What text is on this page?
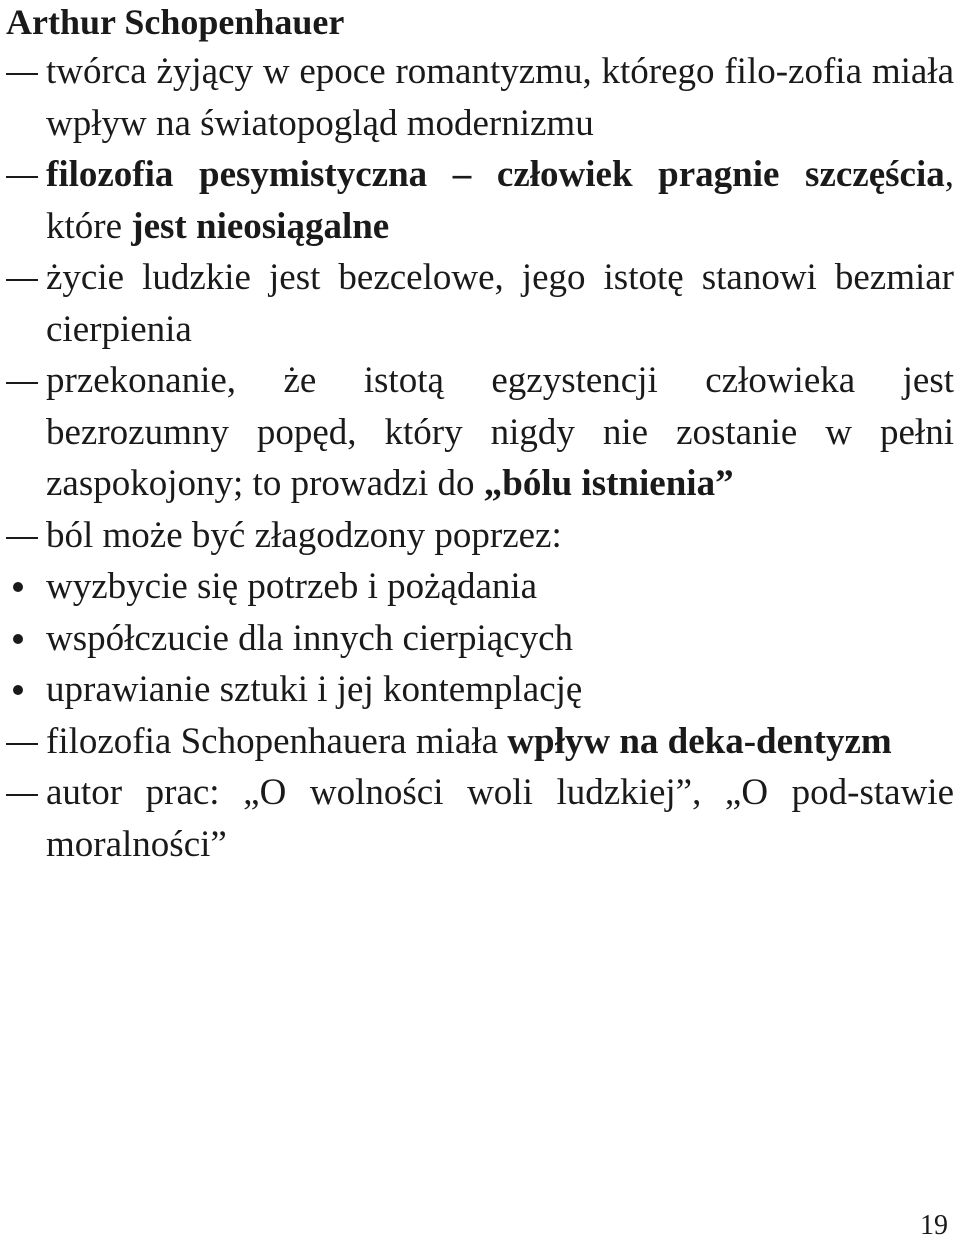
Arthur Schopenhauer
twórca żyjący w epoce romantyzmu, którego filo-zofia miała wpływ na światopogląd modernizmu
filozofia pesymistyczna – człowiek pragnie szczęścia, które jest nieosiągalne
życie ludzkie jest bezcelowe, jego istotę stanowi bezmiar cierpienia
przekonanie, że istotą egzystencji człowieka jest bezrozumny popęd, który nigdy nie zostanie w pełni zaspokojony; to prowadzi do „bólu istnienia”
ból może być złagodzony poprzez:
wyzbycie się potrzeb i pożądania
współczucie dla innych cierpiących
uprawianie sztuki i jej kontemplację
filozofia Schopenhauera miała wpływ na deka-dentyzm
autor prac: „O wolności woli ludzkiej”, „O pod-stawie moralności”
19
